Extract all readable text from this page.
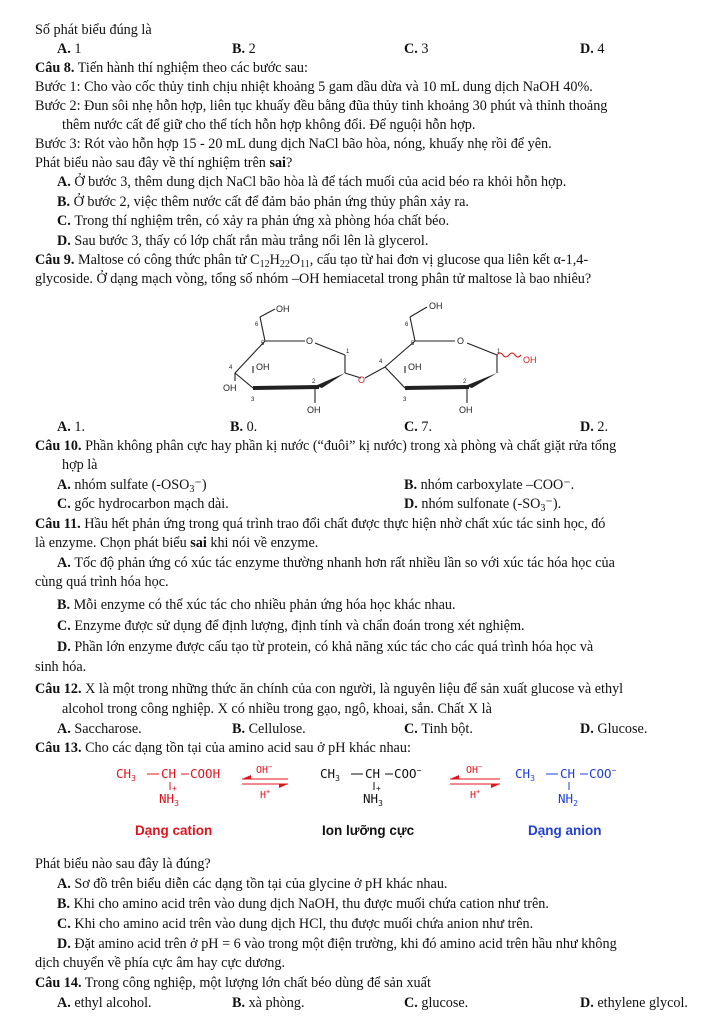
Số phát biểu đúng là
A. 1	B. 2	C. 3	D. 4
Câu 8. Tiến hành thí nghiệm theo các bước sau:
Bước 1: Cho vào cốc thủy tinh chịu nhiệt khoảng 5 gam dầu dừa và 10 mL dung dịch NaOH 40%.
Bước 2: Đun sôi nhẹ hỗn hợp, liên tục khuấy đều bằng đũa thủy tinh khoảng 30 phút và thỉnh thoảng
thêm nước cất để giữ cho thể tích hỗn hợp không đổi. Để nguội hỗn hợp.
Bước 3: Rót vào hỗn hợp 15 - 20 mL dung dịch NaCl bão hòa, nóng, khuấy nhẹ rồi để yên.
Phát biểu nào sau đây về thí nghiệm trên sai?
A. Ở bước 3, thêm dung dịch NaCl bão hòa là để tách muối của acid béo ra khỏi hỗn hợp.
B. Ở bước 2, việc thêm nước cất để đảm bảo phản ứng thủy phân xảy ra.
C. Trong thí nghiệm trên, có xảy ra phản ứng xà phòng hóa chất béo.
D. Sau bước 3, thấy có lớp chất rắn màu trắng nổi lên là glycerol.
Câu 9. Maltose có công thức phân tử $C_{12}H_{22}O_{11}$, cấu tạo từ hai đơn vị glucose qua liên kết α-1,4-
glycoside. Ở dạng mạch vòng, tổng số nhóm –OH hemiacetal trong phân tử maltose là bao nhiêu?
OH
6
5	O
1
4	OH
OH
3
2
OH
O
OH
6
5	O
1
4	OH
3
2
OH
OH
A. 1.	B. 0.	C. 7.	D. 2.
Câu 10. Phần không phân cực hay phần kị nước (“đuôi” kị nước) trong xà phòng và chất giặt rửa tổng
hợp là
A. nhóm sulfate $(-OSO_3^-)$	B. nhóm carboxylate –COO⁻.
C. gốc hydrocarbon mạch dài.	D. nhóm sulfonate $(-SO_3^-)$.
Câu 11. Hầu hết phản ứng trong quá trình trao đổi chất được thực hiện nhờ chất xúc tác sinh học, đó
là enzyme. Chọn phát biểu sai khi nói về enzyme.
A. Tốc độ phản ứng có xúc tác enzyme thường nhanh hơn rất nhiều lần so với xúc tác hóa học của
cùng quá trình hóa học.
B. Mỗi enzyme có thể xúc tác cho nhiều phản ứng hóa học khác nhau.
C. Enzyme được sử dụng để định lượng, định tính và chẩn đoán trong xét nghiệm.
D. Phần lớn enzyme được cấu tạo từ protein, có khả năng xúc tác cho các quá trình hóa học và
sinh hóa.
Câu 12. X là một trong những thức ăn chính của con người, là nguyên liệu để sản xuất glucose và ethyl
alcohol trong công nghiệp. X có nhiều trong gạo, ngô, khoai, sắn. Chất X là
A. Saccharose.	B. Cellulose.	C. Tinh bột.	D. Glucose.
Câu 13. Cho các dạng tồn tại của amino acid sau ở pH khác nhau:
$CH_3$ CH COOH
$NH_3$
+
OH−
H+
$CH_3$ CH COO−
$NH_3$
+
OH−
H+
$CH_3$ CH COO−
$NH_2$
Dạng cation	Ion lưỡng cực	Dạng anion
Phát biểu nào sau đây là đúng?
A. Sơ đồ trên biểu diễn các dạng tồn tại của glycine ở pH khác nhau.
B. Khi cho amino acid trên vào dung dịch NaOH, thu được muối chứa cation như trên.
C. Khi cho amino acid trên vào dung dịch HCl, thu được muối chứa anion như trên.
D. Đặt amino acid trên ở pH = 6 vào trong một điện trường, khi đó amino acid trên hầu như không
dịch chuyển về phía cực âm hay cực dương.
Câu 14. Trong công nghiệp, một lượng lớn chất béo dùng để sản xuất
A. ethyl alcohol.	B. xà phòng.	C. glucose.	D. ethylene glycol.
